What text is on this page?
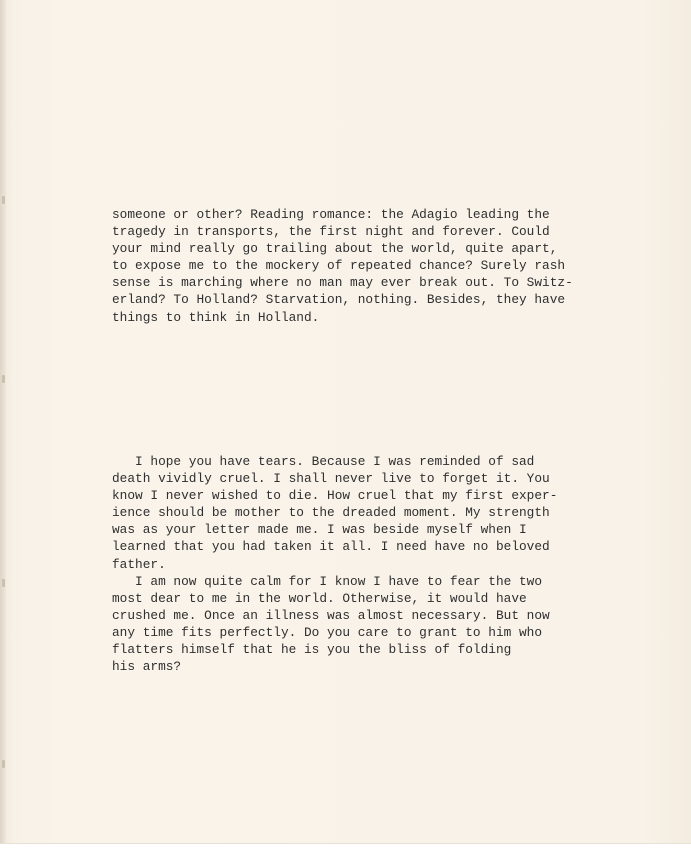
someone or other? Reading romance: the Adagio leading the
tragedy in transports, the first night and forever. Could
your mind really go trailing about the world, quite apart,
to expose me to the mockery of repeated chance? Surely rash
sense is marching where no man may ever break out. To Switz-
erland? To Holland? Starvation, nothing. Besides, they have
things to think in Holland.
I hope you have tears. Because I was reminded of sad
death vividly cruel. I shall never live to forget it. You
know I never wished to die. How cruel that my first exper-
ience should be mother to the dreaded moment. My strength
was as your letter made me. I was beside myself when I
learned that you had taken it all. I need have no beloved
father.
I am now quite calm for I know I have to fear the two
most dear to me in the world. Otherwise, it would have
crushed me. Once an illness was almost necessary. But now
any time fits perfectly. Do you care to grant to him who
flatters himself that he is you the bliss of folding
his arms?
